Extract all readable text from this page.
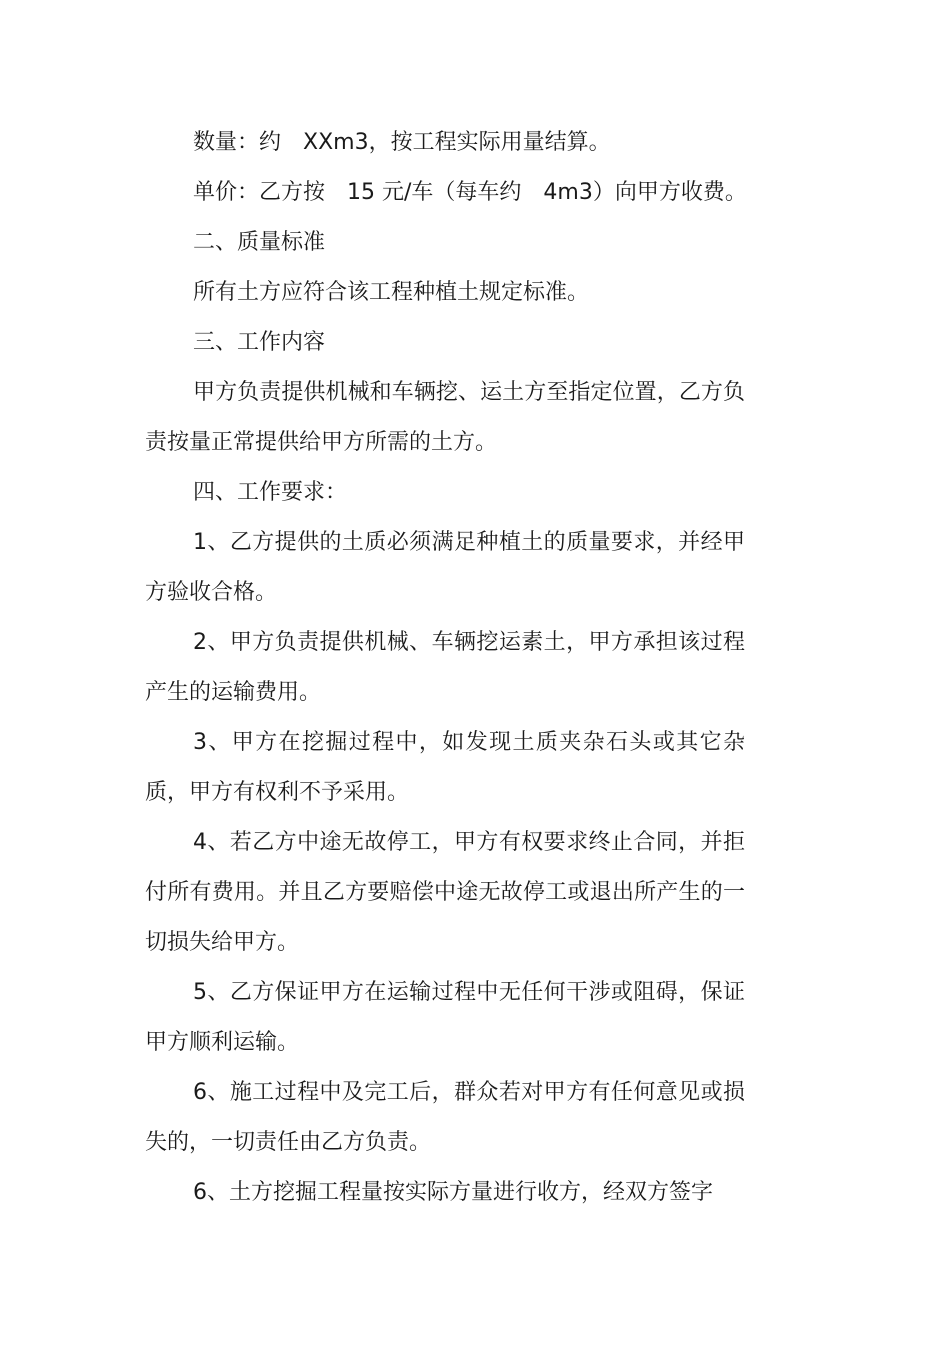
数量：约　XXm3，按工程实际用量结算。

单价：乙方按　15 元/车（每车约　4m3）向甲方收费。

二、质量标准

所有土方应符合该工程种植土规定标准。

三、工作内容

甲方负责提供机械和车辆挖、运土方至指定位置，乙方负责按量正常提供给甲方所需的土方。

四、工作要求：

1、乙方提供的土质必须满足种植土的质量要求，并经甲方验收合格。

2、甲方负责提供机械、车辆挖运素土，甲方承担该过程产生的运输费用。

3、甲方在挖掘过程中，如发现土质夹杂石头或其它杂质，甲方有权利不予采用。

4、若乙方中途无故停工，甲方有权要求终止合同，并拒付所有费用。并且乙方要赔偿中途无故停工或退出所产生的一切损失给甲方。

5、乙方保证甲方在运输过程中无任何干涉或阻碍，保证甲方顺利运输。

6、施工过程中及完工后，群众若对甲方有任何意见或损失的，一切责任由乙方负责。

6、土方挖掘工程量按实际方量进行收方，经双方签字
